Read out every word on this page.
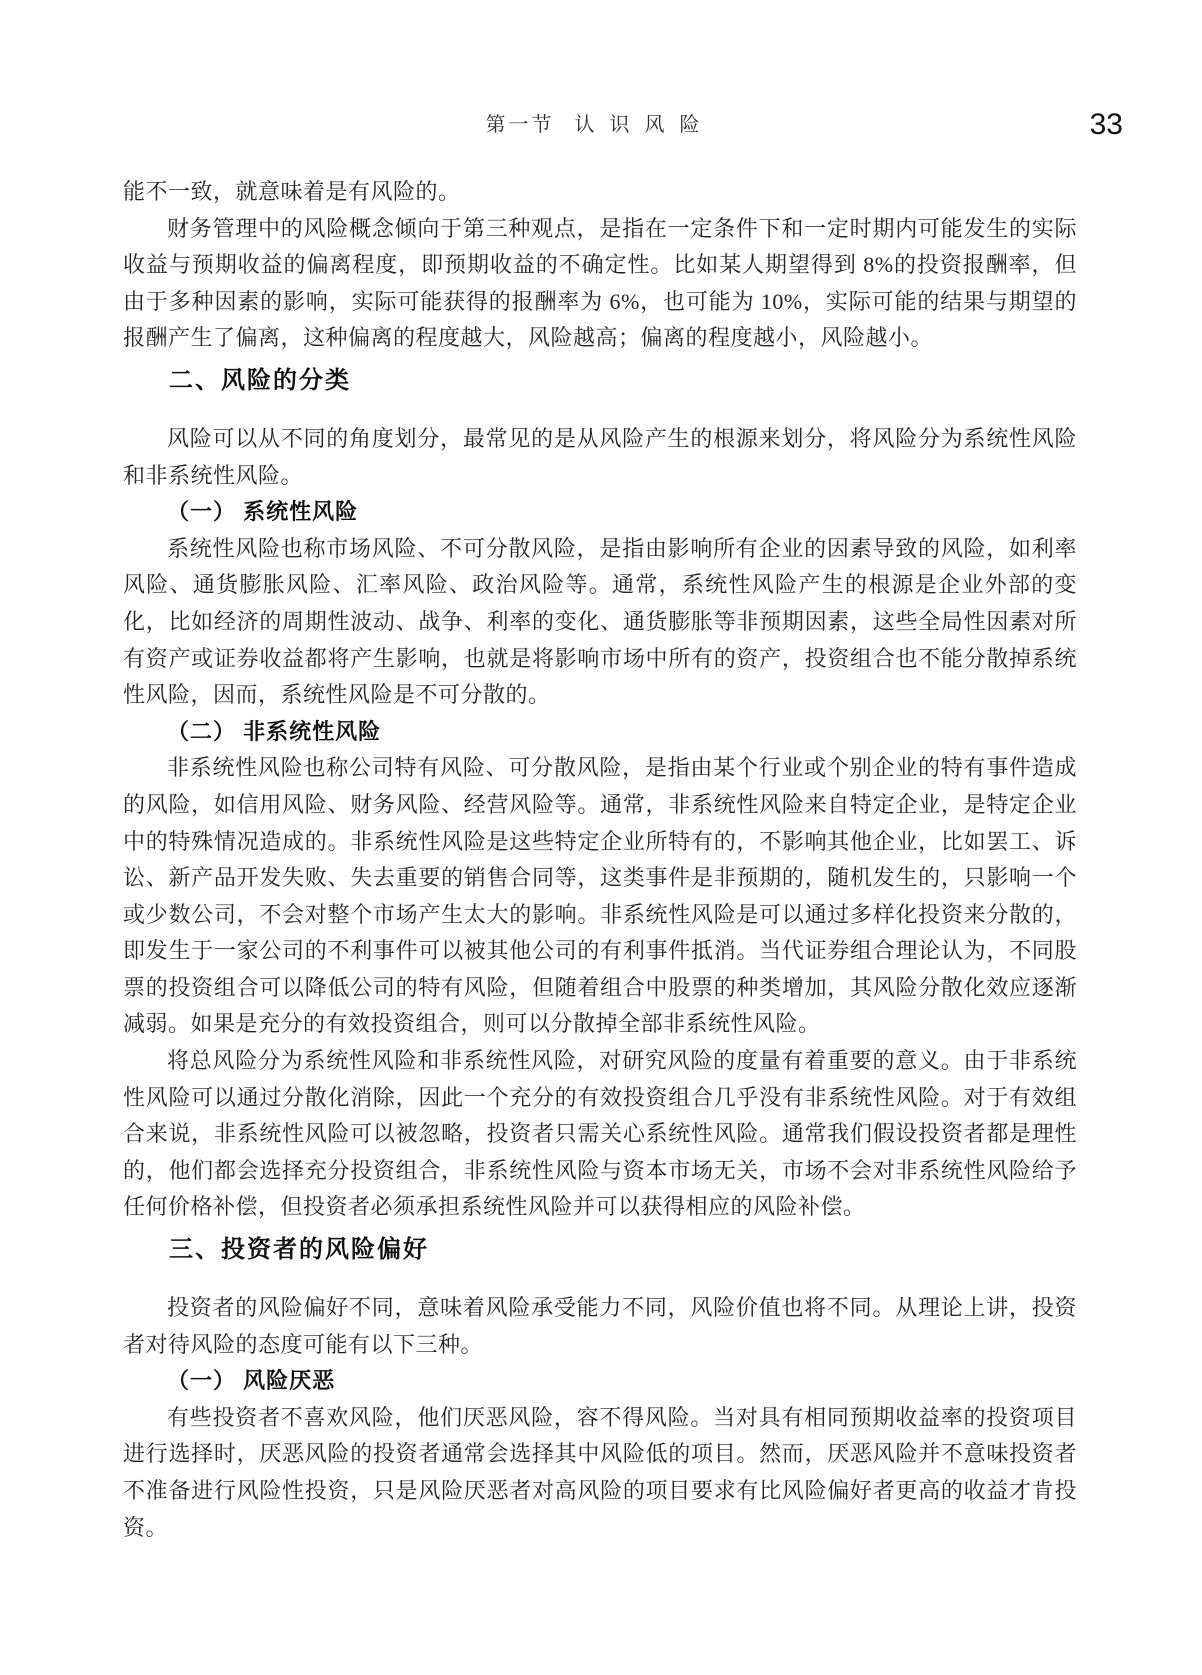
第一节 认识风险	33

能不一致，就意味着是有风险的。

财务管理中的风险概念倾向于第三种观点，是指在一定条件下和一定时期内可能发生的实际收益与预期收益的偏离程度，即预期收益的不确定性。比如某人期望得到 8%的投资报酬率，但由于多种因素的影响，实际可能获得的报酬率为 6%，也可能为 10%，实际可能的结果与期望的报酬产生了偏离，这种偏离的程度越大，风险越高；偏离的程度越小，风险越小。

二、风险的分类

风险可以从不同的角度划分，最常见的是从风险产生的根源来划分，将风险分为系统性风险和非系统性风险。

（一） 系统性风险

系统性风险也称市场风险、不可分散风险，是指由影响所有企业的因素导致的风险，如利率风险、通货膨胀风险、汇率风险、政治风险等。通常，系统性风险产生的根源是企业外部的变化，比如经济的周期性波动、战争、利率的变化、通货膨胀等非预期因素，这些全局性因素对所有资产或证券收益都将产生影响，也就是将影响市场中所有的资产，投资组合也不能分散掉系统性风险，因而，系统性风险是不可分散的。

（二） 非系统性风险

非系统性风险也称公司特有风险、可分散风险，是指由某个行业或个别企业的特有事件造成的风险，如信用风险、财务风险、经营风险等。通常，非系统性风险来自特定企业，是特定企业中的特殊情况造成的。非系统性风险是这些特定企业所特有的，不影响其他企业，比如罢工、诉讼、新产品开发失败、失去重要的销售合同等，这类事件是非预期的，随机发生的，只影响一个或少数公司，不会对整个市场产生太大的影响。非系统性风险是可以通过多样化投资来分散的，即发生于一家公司的不利事件可以被其他公司的有利事件抵消。当代证券组合理论认为，不同股票的投资组合可以降低公司的特有风险，但随着组合中股票的种类增加，其风险分散化效应逐渐减弱。如果是充分的有效投资组合，则可以分散掉全部非系统性风险。

将总风险分为系统性风险和非系统性风险，对研究风险的度量有着重要的意义。由于非系统性风险可以通过分散化消除，因此一个充分的有效投资组合几乎没有非系统性风险。对于有效组合来说，非系统性风险可以被忽略，投资者只需关心系统性风险。通常我们假设投资者都是理性的，他们都会选择充分投资组合，非系统性风险与资本市场无关，市场不会对非系统性风险给予任何价格补偿，但投资者必须承担系统性风险并可以获得相应的风险补偿。

三、投资者的风险偏好

投资者的风险偏好不同，意味着风险承受能力不同，风险价值也将不同。从理论上讲，投资者对待风险的态度可能有以下三种。

（一） 风险厌恶

有些投资者不喜欢风险，他们厌恶风险，容不得风险。当对具有相同预期收益率的投资项目进行选择时，厌恶风险的投资者通常会选择其中风险低的项目。然而，厌恶风险并不意味投资者不准备进行风险性投资，只是风险厌恶者对高风险的项目要求有比风险偏好者更高的收益才肯投资。
